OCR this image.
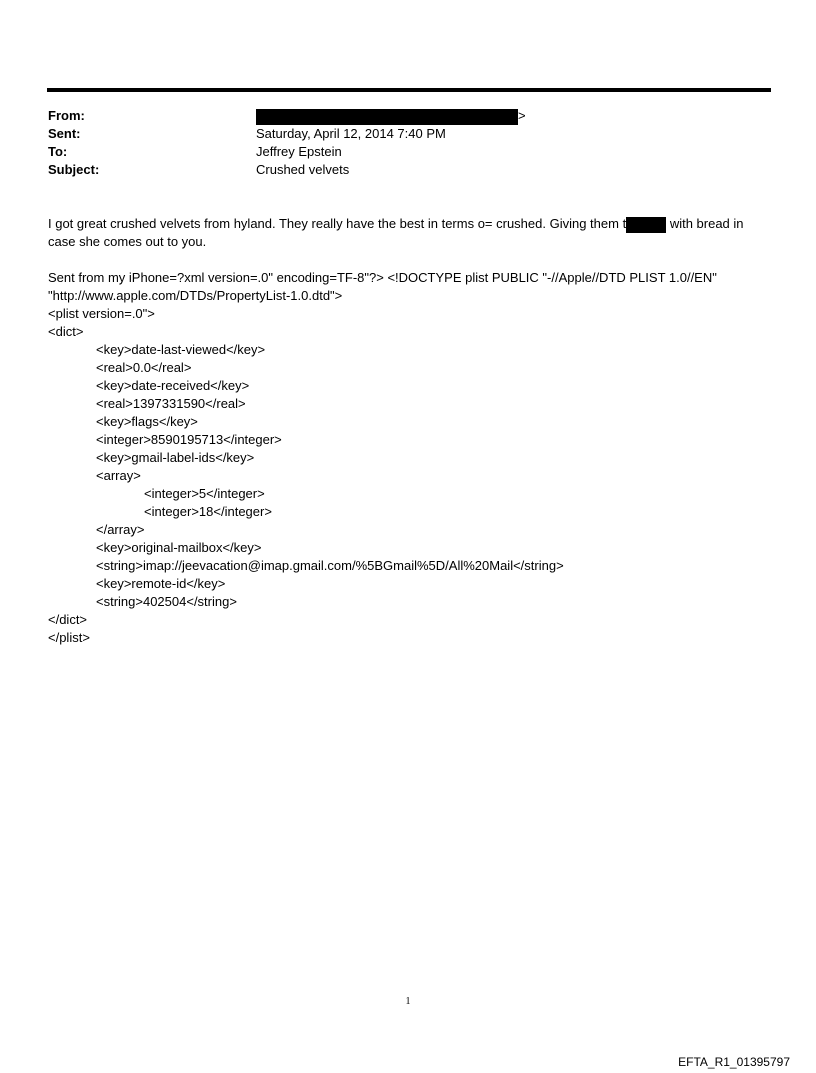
From:	>
Sent:	Saturday, April 12, 2014 7:40 PM
To:	Jeffrey Epstein
Subject:	Crushed velvets
I got great crushed velvets from hyland. They really have the best in terms o= crushed. Giving them t	with bread in
case she comes out to you.
Sent from my iPhone=?xml version=.0" encoding=TF-8"?> <!DOCTYPE plist PUBLIC "-//Apple//DTD PLIST 1.0//EN"
"http://www.apple.com/DTDs/PropertyList-1.0.dtd">
<plist version=.0">
<dict>
<key>date-last-viewed</key>
<real>0.0</real>
<key>date-received</key>
<real>1397331590</real>
<key>flags</key>
<integer>8590195713</integer>
<key>gmail-label-ids</key>
<array>
<integer>5</integer>
<integer>18</integer>
</array>
<key>original-mailbox</key>
<string>imap://jeevacation@imap.gmail.com/%5BGmail%5D/All%20Mail</string>
<key>remote-id</key>
<string>402504</string>
</dict>
</plist>
1
EFTA_R1_01395797
